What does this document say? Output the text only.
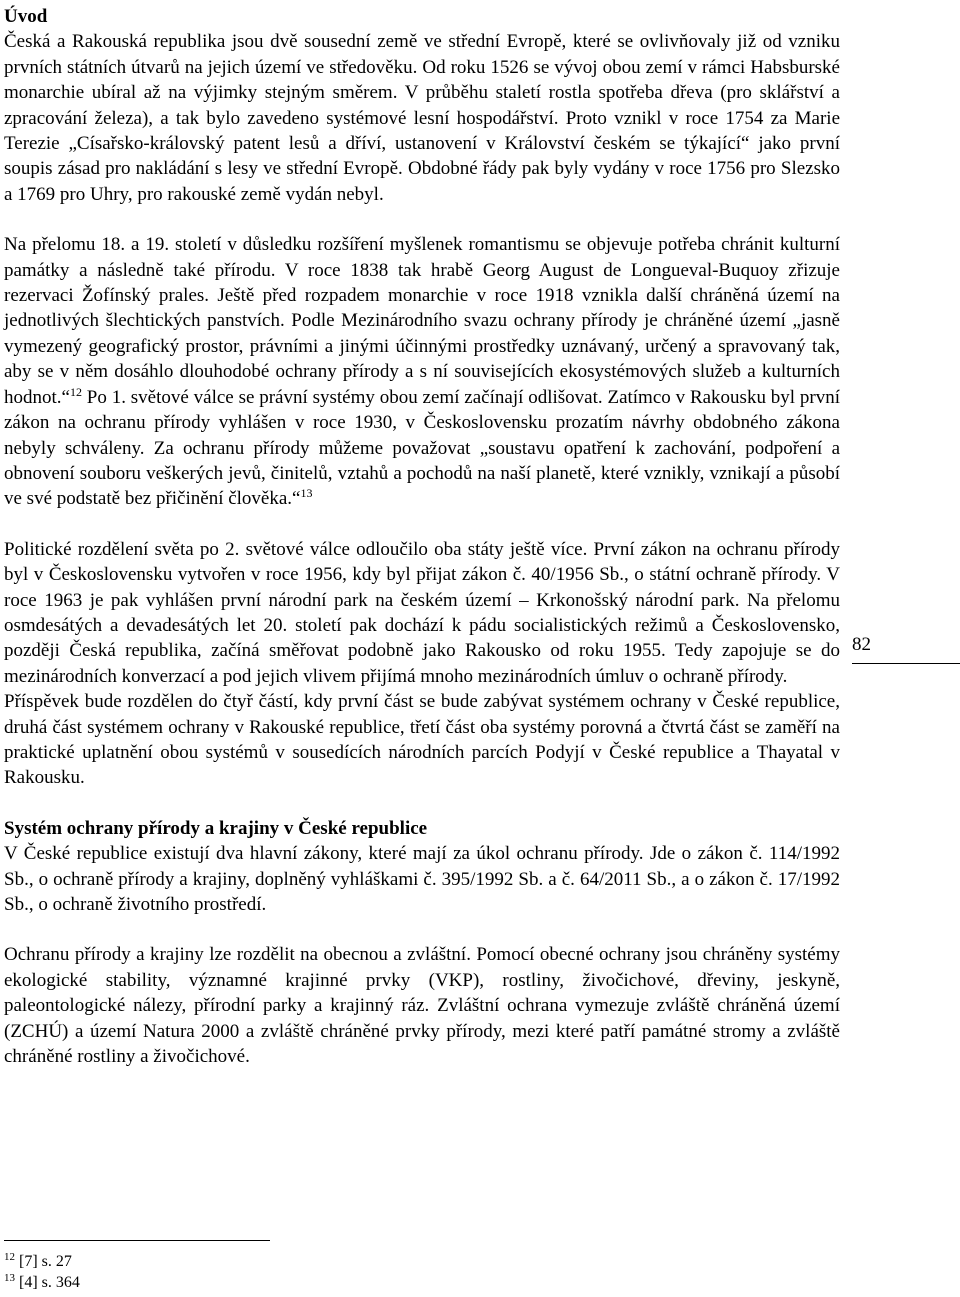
Úvod

Česká a Rakouská republika jsou dvě sousední země ve střední Evropě, které se ovlivňovaly již od vzniku prvních státních útvarů na jejich území ve středověku. Od roku 1526 se vývoj obou zemí v rámci Habsburské monarchie ubíral až na výjimky stejným směrem. V průběhu staletí rostla spotřeba dřeva (pro sklářství a zpracování železa), a tak bylo zavedeno systémové lesní hospodářství. Proto vznikl v roce 1754 za Marie Terezie „Císařsko-královský patent lesů a dříví, ustanovení v Království českém se týkající“ jako první soupis zásad pro nakládání s lesy ve střední Evropě. Obdobné řády pak byly vydány v roce 1756 pro Slezsko a 1769 pro Uhry, pro rakouské země vydán nebyl.

Na přelomu 18. a 19. století v důsledku rozšíření myšlenek romantismu se objevuje potřeba chránit kulturní památky a následně také přírodu. V roce 1838 tak hrabě Georg August de Longueval-Buquoy zřizuje rezervaci Žofínský prales. Ještě před rozpadem monarchie v roce 1918 vznikla další chráněná území na jednotlivých šlechtických panstvích. Podle Mezinárodního svazu ochrany přírody je chráněné území „jasně vymezený geografický prostor, právními a jinými účinnými prostředky uznávaný, určený a spravovaný tak, aby se v něm dosáhlo dlouhodobé ochrany přírody a s ní souvisejících ekosystémových služeb a kulturních hodnot.“$^{12}$ Po 1. světové válce se právní systémy obou zemí začínají odlišovat. Zatímco v Rakousku byl první zákon na ochranu přírody vyhlášen v roce 1930, v Československu prozatím návrhy obdobného zákona nebyly schváleny. Za ochranu přírody můžeme považovat „soustavu opatření k zachování, podpoření a obnovení souboru veškerých jevů, činitelů, vztahů a pochodů na naší planetě, které vznikly, vznikají a působí ve své podstatě bez přičinění člověka.“$^{13}$

Politické rozdělení světa po 2. světové válce odloučilo oba státy ještě více. První zákon na ochranu přírody byl v Československu vytvořen v roce 1956, kdy byl přijat zákon č. 40/1956 Sb., o státní ochraně přírody. V roce 1963 je pak vyhlášen první národní park na českém území – Krkonošský národní park. Na přelomu osmdesátých a devadesátých let 20. století pak dochází k pádu socialistických režimů a Československo, později Česká republika, začíná směřovat podobně jako Rakousko od roku 1955. Tedy zapojuje se do mezinárodních konverzací a pod jejich vlivem přijímá mnoho mezinárodních úmluv o ochraně přírody.

Příspěvek bude rozdělen do čtyř částí, kdy první část se bude zabývat systémem ochrany v České republice, druhá část systémem ochrany v Rakouské republice, třetí část oba systémy porovná a čtvrtá část se zaměří na praktické uplatnění obou systémů v sousedících národních parcích Podyjí v České republice a Thayatal v Rakousku.

Systém ochrany přírody a krajiny v České republice

V České republice existují dva hlavní zákony, které mají za úkol ochranu přírody. Jde o zákon č. 114/1992 Sb., o ochraně přírody a krajiny, doplněný vyhláškami č. 395/1992 Sb. a č. 64/2011 Sb., a o zákon č. 17/1992 Sb., o ochraně životního prostředí.

Ochranu přírody a krajiny lze rozdělit na obecnou a zvláštní. Pomocí obecné ochrany jsou chráněny systémy ekologické stability, významné krajinné prvky (VKP), rostliny, živočichové, dřeviny, jeskyně, paleontologické nálezy, přírodní parky a krajinný ráz. Zvláštní ochrana vymezuje zvláště chráněná území (ZCHÚ) a území Natura 2000 a zvláště chráněné prvky přírody, mezi které patří památné stromy a zvláště chráněné rostliny a živočichové.

82
$^{12}$ [7] s. 27
$^{13}$ [4] s. 364
